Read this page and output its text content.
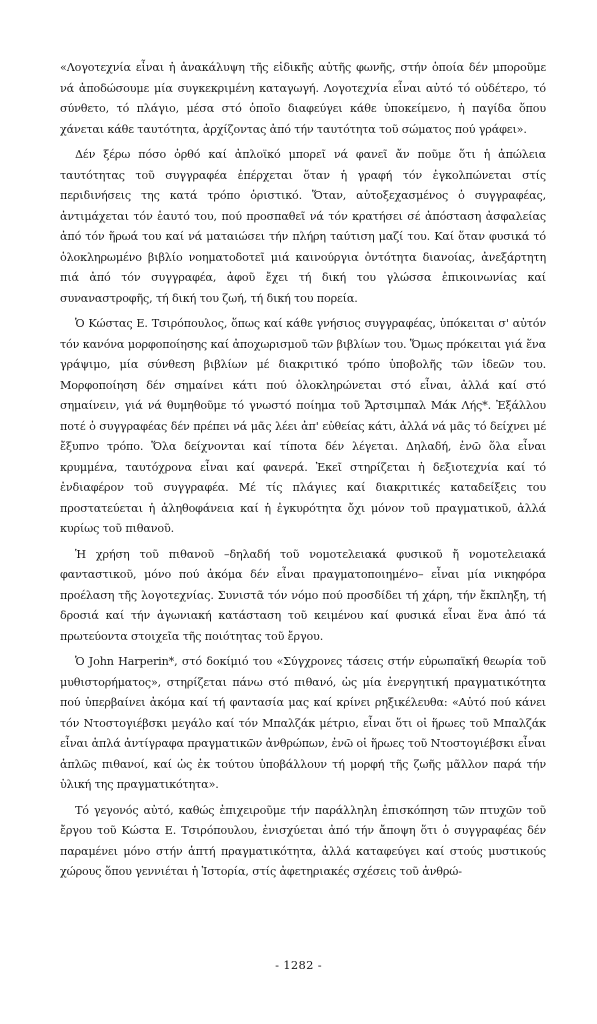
«Λογοτεχνία εἶναι ἡ ἀνακάλυψη τῆς εἰδικῆς αὐτῆς φωνῆς, στήν ὁποία δέν μποροῦμε νά ἀποδώσουμε μία συγκεκριμένη καταγωγή. Λογοτεχνία εἶναι αὐτό τό οὐδέτερο, τό σύνθετο, τό πλάγιο, μέσα στό ὁποῖο διαφεύγει κάθε ὑποκείμενο, ἡ παγίδα ὅπου χάνεται κάθε ταυτότητα, ἀρχίζοντας ἀπό τήν ταυτότητα τοῦ σώματος πού γράφει».

Δέν ξέρω πόσο ὀρθό καί ἀπλοϊκό μπορεῖ νά φανεῖ ἄν ποῦμε ὅτι ἡ ἀπώλεια ταυτότητας τοῦ συγγραφέα ἐπέρχεται ὅταν ἡ γραφή τόν ἐγκολπώνεται στίς περιδινήσεις της κατά τρόπο ὁριστικό. Ὅταν, αὐτοξεχασμένος ὁ συγγραφέας, ἀντιμάχεται τόν ἑαυτό του, πού προσπαθεῖ νά τόν κρατήσει σέ ἀπόσταση ἀσφαλείας ἀπό τόν ἥρωά του καί νά ματαιώσει τήν πλήρη ταύτιση μαζί του. Καί ὅταν φυσικά τό ὁλοκληρωμένο βιβλίο νοηματοδοτεῖ μιά καινούργια ὀντότητα διανοίας, ἀνεξάρτητη πιά ἀπό τόν συγγραφέα, ἀφοῦ ἔχει τή δική του γλώσσα ἐπικοινωνίας καί συναναστροφῆς, τή δική του ζωή, τή δική του πορεία.

Ὁ Κώστας Ε. Τσιρόπουλος, ὅπως καί κάθε γνήσιος συγγραφέας, ὑπόκειται σ' αὐτόν τόν κανόνα μορφοποίησης καί ἀποχωρισμοῦ τῶν βιβλίων του. Ὅμως πρόκειται γιά ἕνα γράψιμο, μία σύνθεση βιβλίων μέ διακριτικό τρόπο ὑποβολῆς τῶν ἰδεῶν του. Μορφοποίηση δέν σημαίνει κάτι πού ὁλοκληρώνεται στό εἶναι, ἀλλά καί στό σημαίνειν, γιά νά θυμηθοῦμε τό γνωστό ποίημα τοῦ Ἄρτσιμπαλ Μάκ Λής*. Ἐξάλλου ποτέ ὁ συγγραφέας δέν πρέπει νά μᾶς λέει ἀπ' εὐθείας κάτι, ἀλλά νά μᾶς τό δείχνει μέ ἔξυπνο τρόπο. Ὅλα δείχνονται καί τίποτα δέν λέγεται. Δηλαδή, ἐνῶ ὅλα εἶναι κρυμμένα, ταυτόχρονα εἶναι καί φανερά. Ἐκεῖ στηρίζεται ἡ δεξιοτεχνία καί τό ἐνδιαφέρον τοῦ συγγραφέα. Μέ τίς πλάγιες καί διακριτικές καταδείξεις του προστατεύεται ἡ ἀληθοφάνεια καί ἡ ἐγκυρότητα ὄχι μόνον τοῦ πραγματικοῦ, ἀλλά κυρίως τοῦ πιθανοῦ.

Ἡ χρήση τοῦ πιθανοῦ –δηλαδή τοῦ νομοτελειακά φυσικοῦ ἤ νομοτελειακά φανταστικοῦ, μόνο πού ἀκόμα δέν εἶναι πραγματοποιημένο– εἶναι μία νικηφόρα προέλαση τῆς λογοτεχνίας. Συνιστᾶ τόν νόμο πού προσδίδει τή χάρη, τήν ἔκπληξη, τή δροσιά καί τήν ἀγωνιακή κατάσταση τοῦ κειμένου καί φυσικά εἶναι ἕνα ἀπό τά πρωτεύοντα στοιχεῖα τῆς ποιότητας τοῦ ἔργου.

Ὁ John Harperin*, στό δοκίμιό του «Σύγχρονες τάσεις στήν εὐρωπαϊκή θεωρία τοῦ μυθιστορήματος», στηρίζεται πάνω στό πιθανό, ὡς μία ἐνεργητική πραγματικότητα πού ὑπερβαίνει ἀκόμα καί τή φαντασία μας καί κρίνει ρηξικέλευθα: «Αὐτό πού κάνει τόν Ντοστογιέβσκι μεγάλο καί τόν Μπαλζάκ μέτριο, εἶναι ὅτι οἱ ἥρωες τοῦ Μπαλζάκ εἶναι ἁπλά ἀντίγραφα πραγματικῶν ἀνθρώπων, ἐνῶ οἱ ἥρωες τοῦ Ντοστογιέβσκι εἶναι ἁπλῶς πιθανοί, καί ὡς ἐκ τούτου ὑποβάλλουν τή μορφή τῆς ζωῆς μᾶλλον παρά τήν ὑλική της πραγματικότητα».

Τό γεγονός αὐτό, καθώς ἐπιχειροῦμε τήν παράλληλη ἐπισκόπηση τῶν πτυχῶν τοῦ ἔργου τοῦ Κώστα Ε. Τσιρόπουλου, ἐνισχύεται ἀπό τήν ἄποψη ὅτι ὁ συγγραφέας δέν παραμένει μόνο στήν ἁπτή πραγματικότητα, ἀλλά καταφεύγει καί στούς μυστικούς χώρους ὅπου γεννιέται ἡ Ἱστορία, στίς ἀφετηριακές σχέσεις τοῦ ἀνθρώ-

- 1282 -
